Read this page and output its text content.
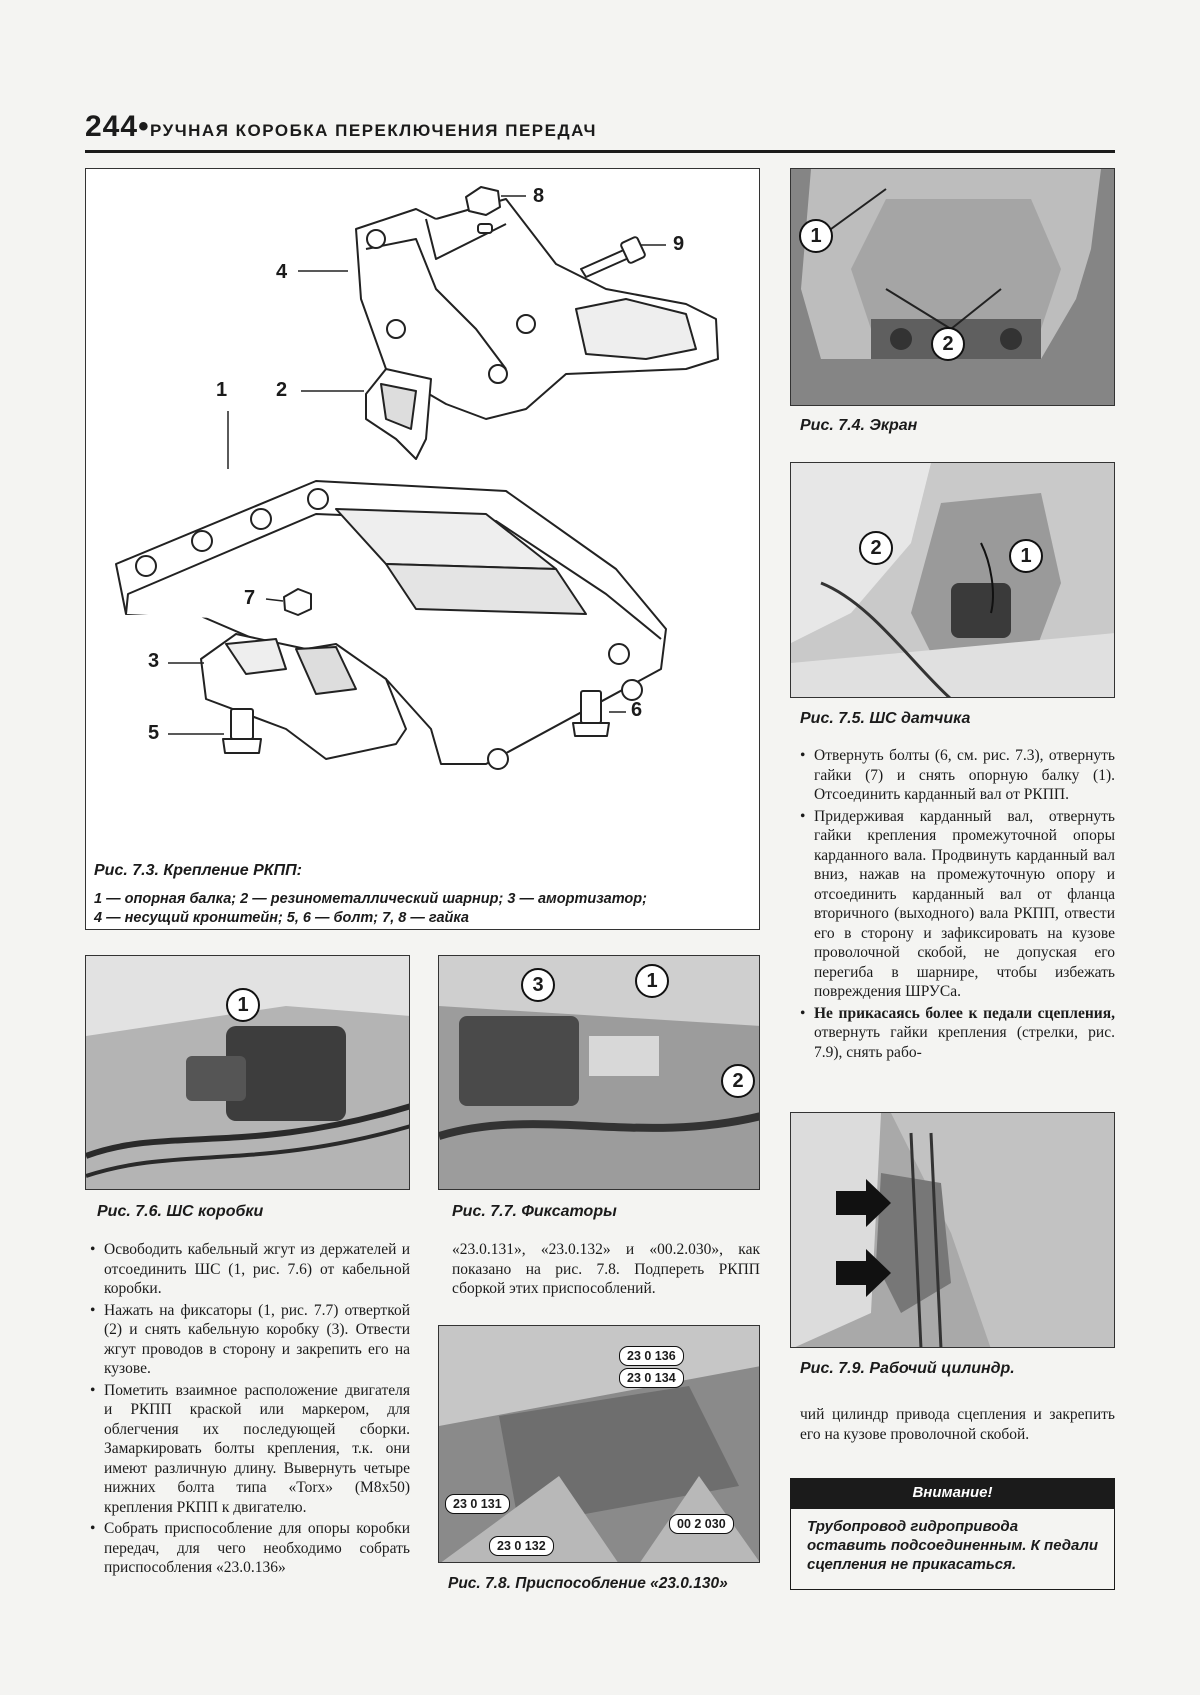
244• РУЧНАЯ КОРОБКА ПЕРЕКЛЮЧЕНИЯ ПЕРЕДАЧ
1 2
3
4
5
6
7
8
9
Рис. 7.3. Крепление РКПП:
1 — опорная балка; 2 — резинометаллический шарнир; 3 — амортизатор;
4 — несущий кронштейн; 5, 6 — болт; 7, 8 — гайка
1
2
Рис. 7.4. Экран
2	1
Рис. 7.5. ШС датчика
• Отвернуть болты (6, см. рис. 7.3), отвернуть гайки (7) и снять опорную балку (1). Отсоединить карданный вал от РКПП.
• Придерживая карданный вал, отвернуть гайки крепления промежуточной опоры карданного вала. Продвинуть карданный вал вниз, нажав на промежуточную опору и отсоединить карданный вал от фланца вторичного (выходного) вала РКПП, отвести его в сторону и зафиксировать на кузове проволочной скобой, не допуская его перегиба в шарнире, чтобы избежать повреждения ШРУСа.
• Не прикасаясь более к педали сцепления, отвернуть гайки крепления (стрелки, рис. 7.9), снять рабо-
Рис. 7.9. Рабочий цилиндр.
чий цилиндр привода сцепления и закрепить его на кузове проволочной скобой.
Внимание!
Трубопровод гидропривода оставить подсоединенным. К педали сцепления не прикасаться.
1
Рис. 7.6. ШС коробки
3	1
2
Рис. 7.7. Фиксаторы
• Освободить кабельный жгут из держателей и отсоединить ШС (1, рис. 7.6) от кабельной коробки.
• Нажать на фиксаторы (1, рис. 7.7) отверткой (2) и снять кабельную коробку (3). Отвести жгут проводов в сторону и закрепить его на кузове.
• Пометить взаимное расположение двигателя и РКПП краской или маркером, для облегчения их последующей сборки. Замаркировать болты крепления, т.к. они имеют различную длину. Вывернуть четыре нижних болта типа «Torx» (M8x50) крепления РКПП к двигателю.
• Собрать приспособление для опоры коробки передач, для чего необходимо собрать приспособления «23.0.136»
«23.0.131», «23.0.132» и «00.2.030», как показано на рис. 7.8. Подпереть РКПП сборкой этих приспособлений.
23 0 136
23 0 134
23 0 131
23 0 132
00 2 030
Рис. 7.8. Приспособление «23.0.130»
